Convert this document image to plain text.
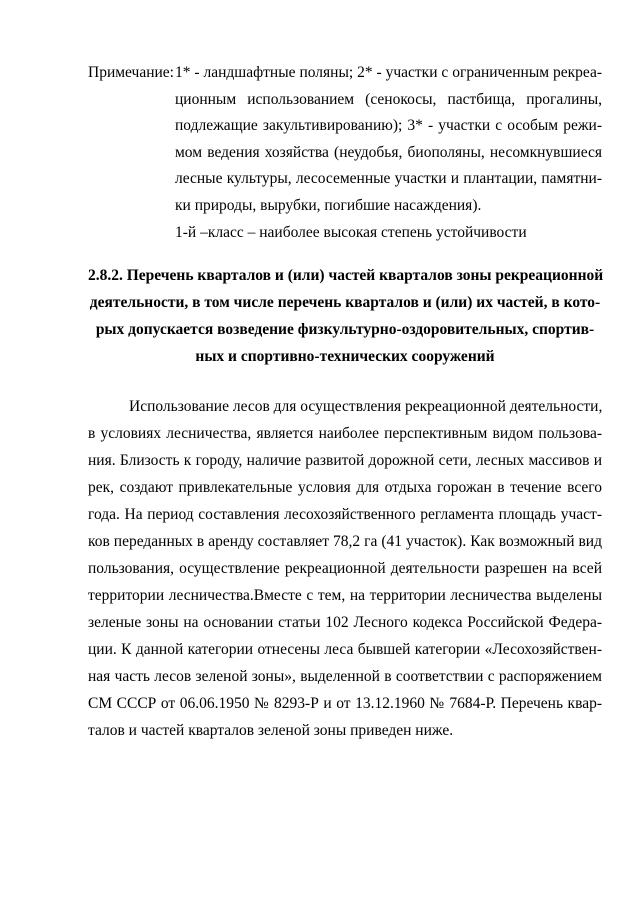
Примечание: 1* - ландшафтные поляны; 2* - участки с ограниченным рекреа-
ционным использованием (сенокосы, пастбища, прогалины,
подлежащие закультивированию); 3* - участки с особым режи-
мом ведения хозяйства (неудобья, биополяны, несомкнувшиеся
лесные культуры, лесосеменные участки и плантации, памятни-
ки природы, вырубки, погибшие насаждения).
1-й –класс – наиболее высокая степень устойчивости
2.8.2. Перечень кварталов и (или) частей кварталов зоны рекреационной
деятельности, в том числе перечень кварталов и (или) их частей, в кото-
рых допускается возведение физкультурно-оздоровительных, спортив-
ных и спортивно-технических сооружений
Использование лесов для осуществления рекреационной деятельности,
в условиях лесничества, является наиболее перспективным видом пользова-
ния. Близость к городу, наличие развитой дорожной сети, лесных массивов и
рек, создают привлекательные условия для отдыха горожан в течение всего
года. На период составления лесохозяйственного регламента площадь участ-
ков переданных в аренду составляет 78,2 га (41 участок). Как возможный вид
пользования, осуществление рекреационной деятельности разрешен на всей
территории лесничества.Вместе с тем, на территории лесничества выделены
зеленые зоны на основании статьи 102 Лесного кодекса Российской Федера-
ции. К данной категории отнесены леса бывшей категории «Лесохозяйствен-
ная часть лесов зеленой зоны», выделенной в соответствии с распоряжением
СМ СССР от 06.06.1950 № 8293-Р и от 13.12.1960 № 7684-Р. Перечень квар-
талов и частей кварталов зеленой зоны приведен ниже.
